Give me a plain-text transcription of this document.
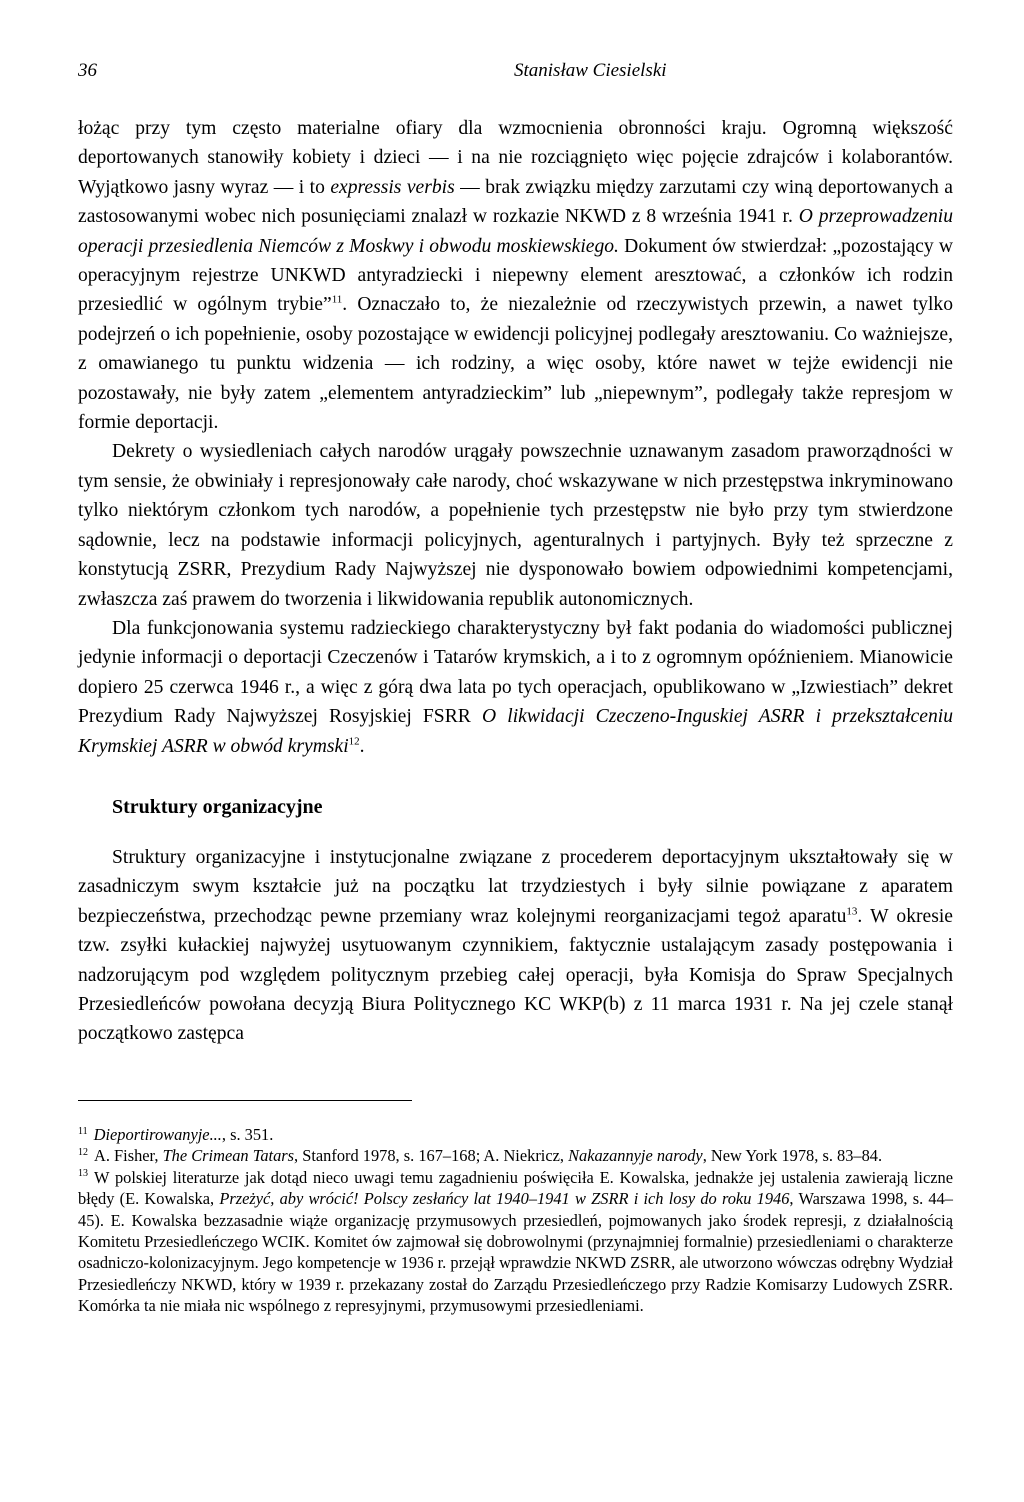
36	Stanisław Ciesielski

łożąc przy tym często materialne ofiary dla wzmocnienia obronności kraju. Ogromną większość deportowanych stanowiły kobiety i dzieci — i na nie rozciągnięto więc pojęcie zdrajców i kolaborantów. Wyjątkowo jasny wyraz — i to expressis verbis — brak związku między zarzutami czy winą deportowanych a zastosowanymi wobec nich posunięciami znalazł w rozkazie NKWD z 8 września 1941 r. O przeprowadzeniu operacji przesiedlenia Niemców z Moskwy i obwodu moskiewskiego. Dokument ów stwierdzał: „pozostający w operacyjnym rejestrze UNKWD antyradziecki i niepewny element aresztować, a członków ich rodzin przesiedlić w ogólnym trybie”$^{11}$. Oznaczało to, że niezależnie od rzeczywistych przewin, a nawet tylko podejrzeń o ich popełnienie, osoby pozostające w ewidencji policyjnej podlegały aresztowaniu. Co ważniejsze, z omawianego tu punktu widzenia — ich rodziny, a więc osoby, które nawet w tejże ewidencji nie pozostawały, nie były zatem „elementem antyradzieckim” lub „niepewnym”, podlegały także represjom w formie deportacji.

Dekrety o wysiedleniach całych narodów urągały powszechnie uznawanym zasadom praworządności w tym sensie, że obwiniały i represjonowały całe narody, choć wskazywane w nich przestępstwa inkryminowano tylko niektórym członkom tych narodów, a popełnienie tych przestępstw nie było przy tym stwierdzone sądownie, lecz na podstawie informacji policyjnych, agenturalnych i partyjnych. Były też sprzeczne z konstytucją ZSRR, Prezydium Rady Najwyższej nie dysponowało bowiem odpowiednimi kompetencjami, zwłaszcza zaś prawem do tworzenia i likwidowania republik autonomicznych.

Dla funkcjonowania systemu radzieckiego charakterystyczny był fakt podania do wiadomości publicznej jedynie informacji o deportacji Czeczenów i Tatarów krymskich, a i to z ogromnym opóźnieniem. Mianowicie dopiero 25 czerwca 1946 r., a więc z górą dwa lata po tych operacjach, opublikowano w „Izwiestiach” dekret Prezydium Rady Najwyższej Rosyjskiej FSRR O likwidacji Czeczeno-Inguskiej ASRR i przekształceniu Krymskiej ASRR w obwód krymski$^{12}$.

Struktury organizacyjne

Struktury organizacyjne i instytucjonalne związane z procederem deportacyjnym ukształtowały się w zasadniczym swym kształcie już na początku lat trzydziestych i były silnie powiązane z aparatem bezpieczeństwa, przechodząc pewne przemiany wraz kolejnymi reorganizacjami tegoż aparatu$^{13}$. W okresie tzw. zsyłki kułackiej najwyżej usytuowanym czynnikiem, faktycznie ustalającym zasady postępowania i nadzorującym pod względem politycznym przebieg całej operacji, była Komisja do Spraw Specjalnych Przesiedleńców powołana decyzją Biura Politycznego KC WKP(b) z 11 marca 1931 r. Na jej czele stanął początkowo zastępca

$^{11}$ Dieportirowanyje..., s. 351.

$^{12}$ A. Fisher, The Crimean Tatars, Stanford 1978, s. 167–168; A. Niekricz, Nakazannyje narody, New York 1978, s. 83–84.

$^{13}$ W polskiej literaturze jak dotąd nieco uwagi temu zagadnieniu poświęciła E. Kowalska, jednakże jej ustalenia zawierają liczne błędy (E. Kowalska, Przeżyć, aby wrócić! Polscy zesłańcy lat 1940–1941 w ZSRR i ich losy do roku 1946, Warszawa 1998, s. 44–45). E. Kowalska bezzasadnie wiąże organizację przymusowych przesiedleń, pojmowanych jako środek represji, z działalnością Komitetu Przesiedleńczego WCIK. Komitet ów zajmował się dobrowolnymi (przynajmniej formalnie) przesiedleniami o charakterze osadniczo-kolonizacyjnym. Jego kompetencje w 1936 r. przejął wprawdzie NKWD ZSRR, ale utworzono wówczas odrębny Wydział Przesiedleńczy NKWD, który w 1939 r. przekazany został do Zarządu Przesiedleńczego przy Radzie Komisarzy Ludowych ZSRR. Komórka ta nie miała nic wspólnego z represyjnymi, przymusowymi przesiedleniami.
